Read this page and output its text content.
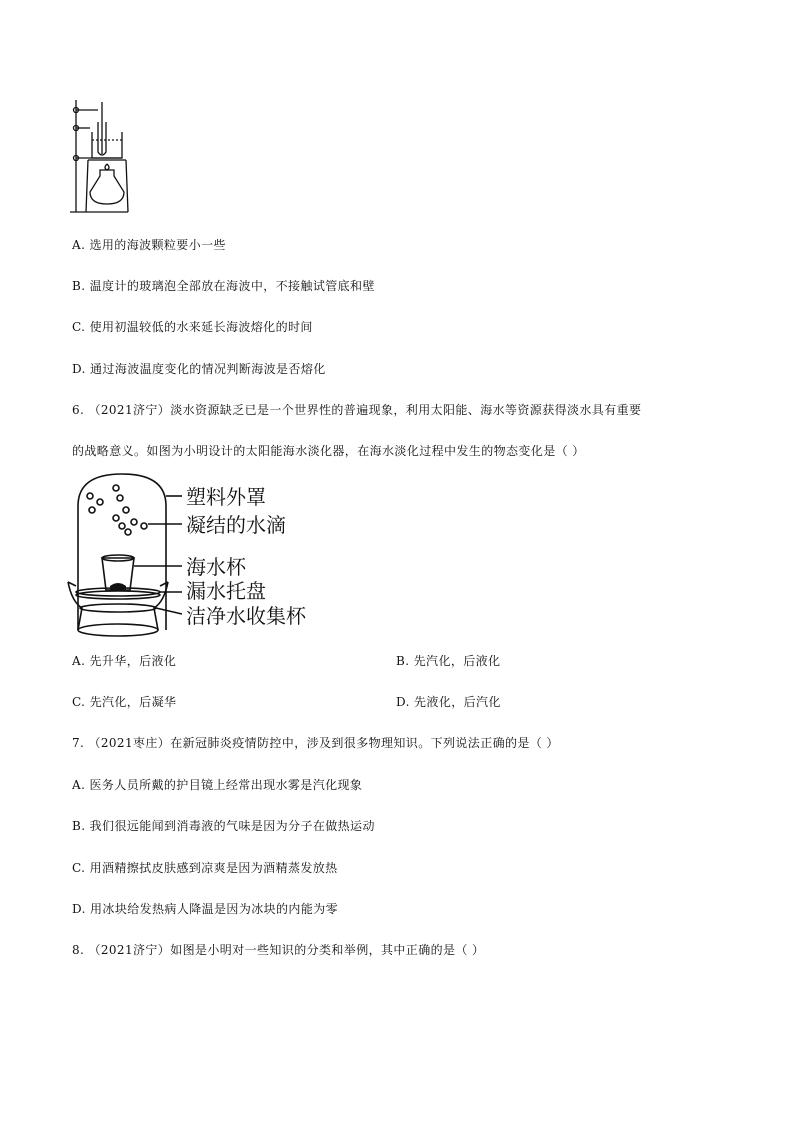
A. 选用的海波颗粒要小一些
B. 温度计的玻璃泡全部放在海波中，不接触试管底和壁
C. 使用初温较低的水来延长海波熔化的时间
D. 通过海波温度变化的情况判断海波是否熔化
6. （2021济宁）淡水资源缺乏已是一个世界性的普遍现象，利用太阳能、海水等资源获得淡水具有重要
的战略意义。如图为小明设计的太阳能海水淡化器，在海水淡化过程中发生的物态变化是（ ）
塑料外罩
凝结的水滴
海水杯
漏水托盘
洁净水收集杯
A. 先升华，后液化	B. 先汽化，后液化
C. 先汽化，后凝华	D. 先液化，后汽化
7. （2021枣庄）在新冠肺炎疫情防控中，涉及到很多物理知识。下列说法正确的是（ ）
A. 医务人员所戴的护目镜上经常出现水雾是汽化现象
B. 我们很远能闻到消毒液的气味是因为分子在做热运动
C. 用酒精擦拭皮肤感到凉爽是因为酒精蒸发放热
D. 用冰块给发热病人降温是因为冰块的内能为零
8. （2021济宁）如图是小明对一些知识的分类和举例，其中正确的是（ ）
